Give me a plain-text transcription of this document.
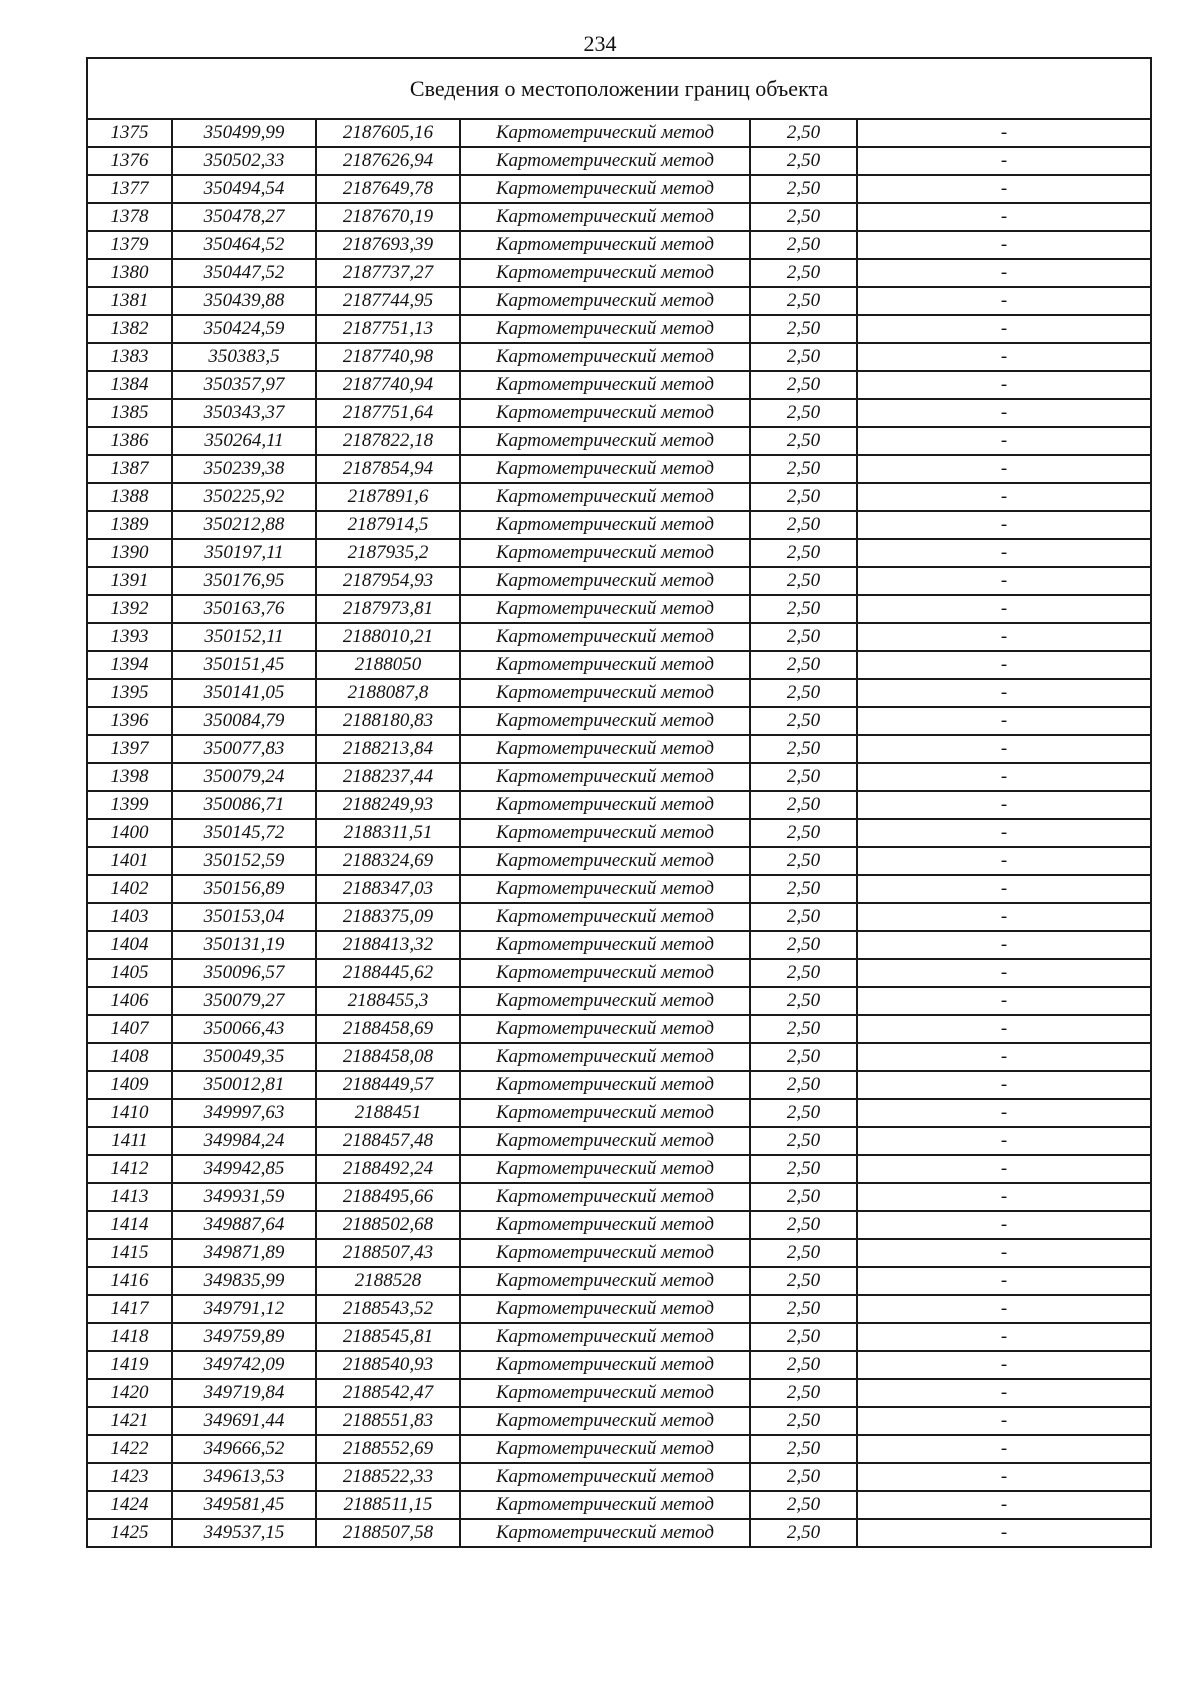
234
Сведения о местоположении границ объекта					
1375	350499,99	2187605,16	Картометрический метод	2,50	-
1376	350502,33	2187626,94	Картометрический метод	2,50	-
1377	350494,54	2187649,78	Картометрический метод	2,50	-
1378	350478,27	2187670,19	Картометрический метод	2,50	-
1379	350464,52	2187693,39	Картометрический метод	2,50	-
1380	350447,52	2187737,27	Картометрический метод	2,50	-
1381	350439,88	2187744,95	Картометрический метод	2,50	-
1382	350424,59	2187751,13	Картометрический метод	2,50	-
1383	350383,5	2187740,98	Картометрический метод	2,50	-
1384	350357,97	2187740,94	Картометрический метод	2,50	-
1385	350343,37	2187751,64	Картометрический метод	2,50	-
1386	350264,11	2187822,18	Картометрический метод	2,50	-
1387	350239,38	2187854,94	Картометрический метод	2,50	-
1388	350225,92	2187891,6	Картометрический метод	2,50	-
1389	350212,88	2187914,5	Картометрический метод	2,50	-
1390	350197,11	2187935,2	Картометрический метод	2,50	-
1391	350176,95	2187954,93	Картометрический метод	2,50	-
1392	350163,76	2187973,81	Картометрический метод	2,50	-
1393	350152,11	2188010,21	Картометрический метод	2,50	-
1394	350151,45	2188050	Картометрический метод	2,50	-
1395	350141,05	2188087,8	Картометрический метод	2,50	-
1396	350084,79	2188180,83	Картометрический метод	2,50	-
1397	350077,83	2188213,84	Картометрический метод	2,50	-
1398	350079,24	2188237,44	Картометрический метод	2,50	-
1399	350086,71	2188249,93	Картометрический метод	2,50	-
1400	350145,72	2188311,51	Картометрический метод	2,50	-
1401	350152,59	2188324,69	Картометрический метод	2,50	-
1402	350156,89	2188347,03	Картометрический метод	2,50	-
1403	350153,04	2188375,09	Картометрический метод	2,50	-
1404	350131,19	2188413,32	Картометрический метод	2,50	-
1405	350096,57	2188445,62	Картометрический метод	2,50	-
1406	350079,27	2188455,3	Картометрический метод	2,50	-
1407	350066,43	2188458,69	Картометрический метод	2,50	-
1408	350049,35	2188458,08	Картометрический метод	2,50	-
1409	350012,81	2188449,57	Картометрический метод	2,50	-
1410	349997,63	2188451	Картометрический метод	2,50	-
1411	349984,24	2188457,48	Картометрический метод	2,50	-
1412	349942,85	2188492,24	Картометрический метод	2,50	-
1413	349931,59	2188495,66	Картометрический метод	2,50	-
1414	349887,64	2188502,68	Картометрический метод	2,50	-
1415	349871,89	2188507,43	Картометрический метод	2,50	-
1416	349835,99	2188528	Картометрический метод	2,50	-
1417	349791,12	2188543,52	Картометрический метод	2,50	-
1418	349759,89	2188545,81	Картометрический метод	2,50	-
1419	349742,09	2188540,93	Картометрический метод	2,50	-
1420	349719,84	2188542,47	Картометрический метод	2,50	-
1421	349691,44	2188551,83	Картометрический метод	2,50	-
1422	349666,52	2188552,69	Картометрический метод	2,50	-
1423	349613,53	2188522,33	Картометрический метод	2,50	-
1424	349581,45	2188511,15	Картометрический метод	2,50	-
1425	349537,15	2188507,58	Картометрический метод	2,50	-
